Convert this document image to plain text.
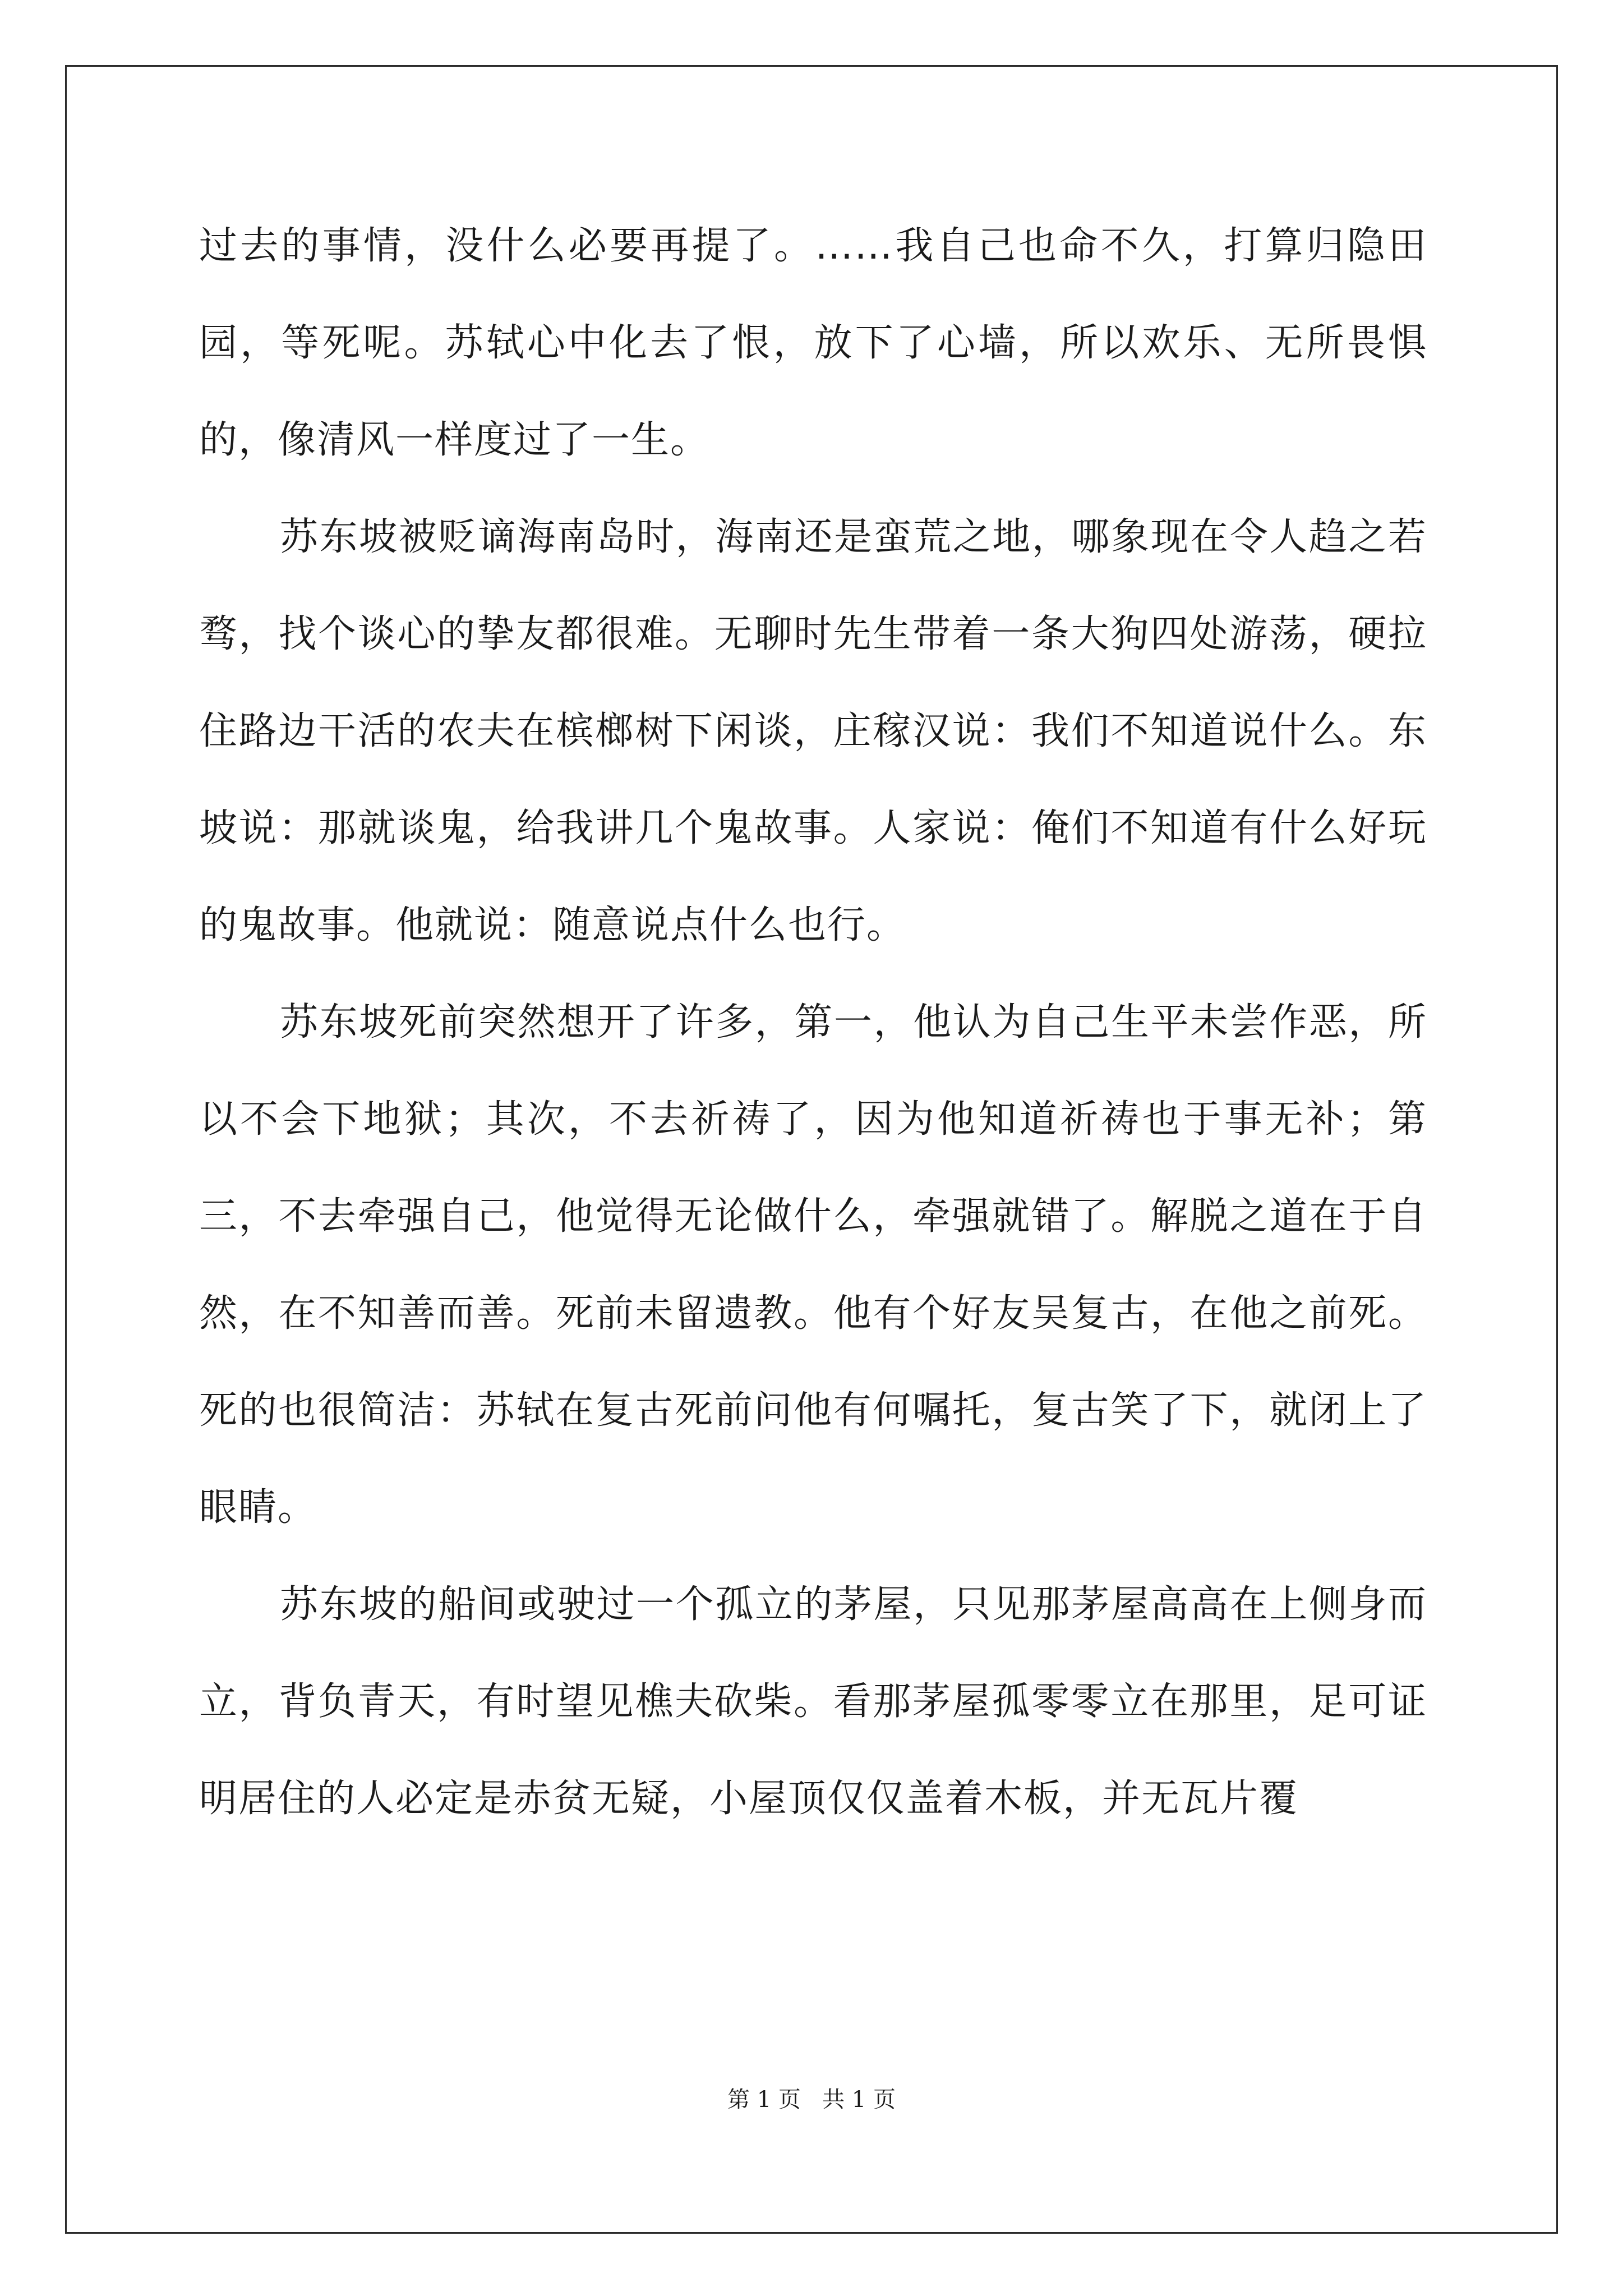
过去的事情，没什么必要再提了。……我自己也命不久，打算归隐田园，等死呢。苏轼心中化去了恨，放下了心墙，所以欢乐、无所畏惧的，像清风一样度过了一生。

苏东坡被贬谪海南岛时，海南还是蛮荒之地，哪象现在令人趋之若骛，找个谈心的挚友都很难。无聊时先生带着一条大狗四处游荡，硬拉住路边干活的农夫在槟榔树下闲谈，庄稼汉说：我们不知道说什么。东坡说：那就谈鬼，给我讲几个鬼故事。人家说：俺们不知道有什么好玩的鬼故事。他就说：随意说点什么也行。

苏东坡死前突然想开了许多，第一，他认为自己生平未尝作恶，所以不会下地狱；其次，不去祈祷了，因为他知道祈祷也于事无补；第三，不去牵强自己，他觉得无论做什么，牵强就错了。解脱之道在于自然，在不知善而善。死前未留遗教。他有个好友吴复古，在他之前死。死的也很简洁：苏轼在复古死前问他有何嘱托，复古笑了下，就闭上了眼睛。

苏东坡的船间或驶过一个孤立的茅屋，只见那茅屋高高在上侧身而立，背负青天，有时望见樵夫砍柴。看那茅屋孤零零立在那里，足可证明居住的人必定是赤贫无疑，小屋顶仅仅盖着木板，并无瓦片覆

第 1 页   共 1 页
